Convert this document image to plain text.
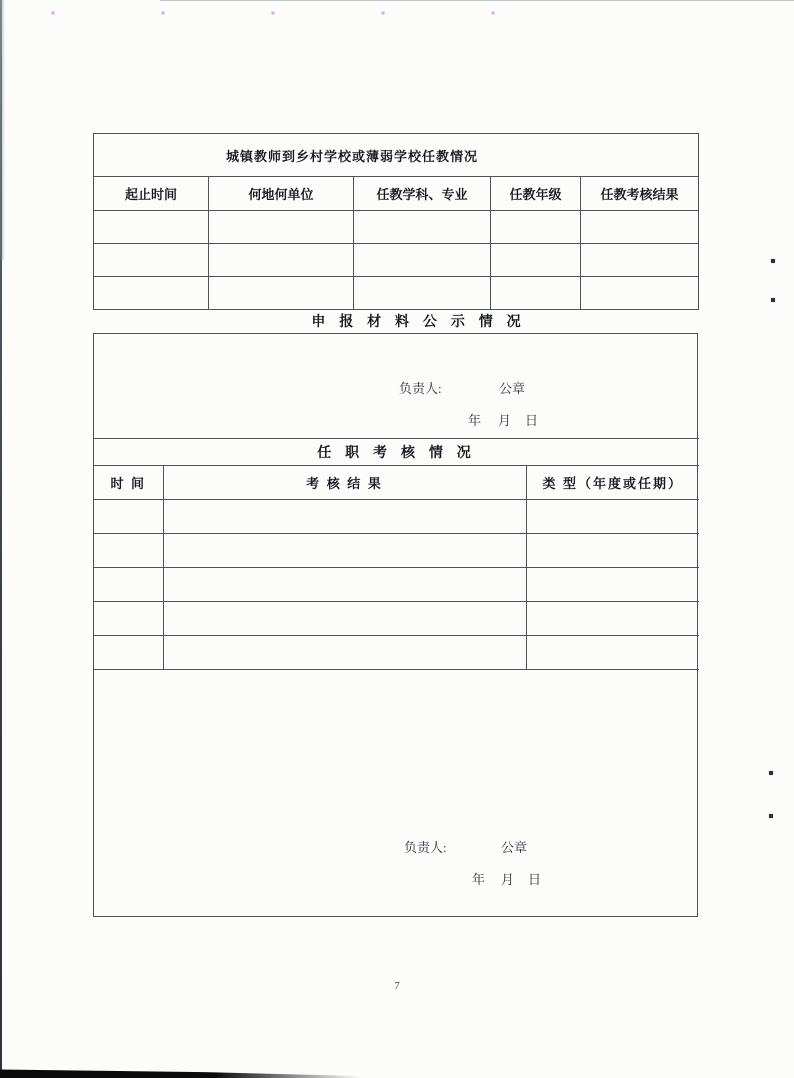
城镇教师到乡村学校或薄弱学校任教情况				
起止时间	何地何单位	任教学科、专业	任教年级	任教考核结果

申 报 材 料 公 示 情 况
负责人:	公章
年 月 日
任 职 考 核 情 况		
时 间	考 核 结 果	类 型（年度或任期）

负责人:	公章
年 月 日
7
